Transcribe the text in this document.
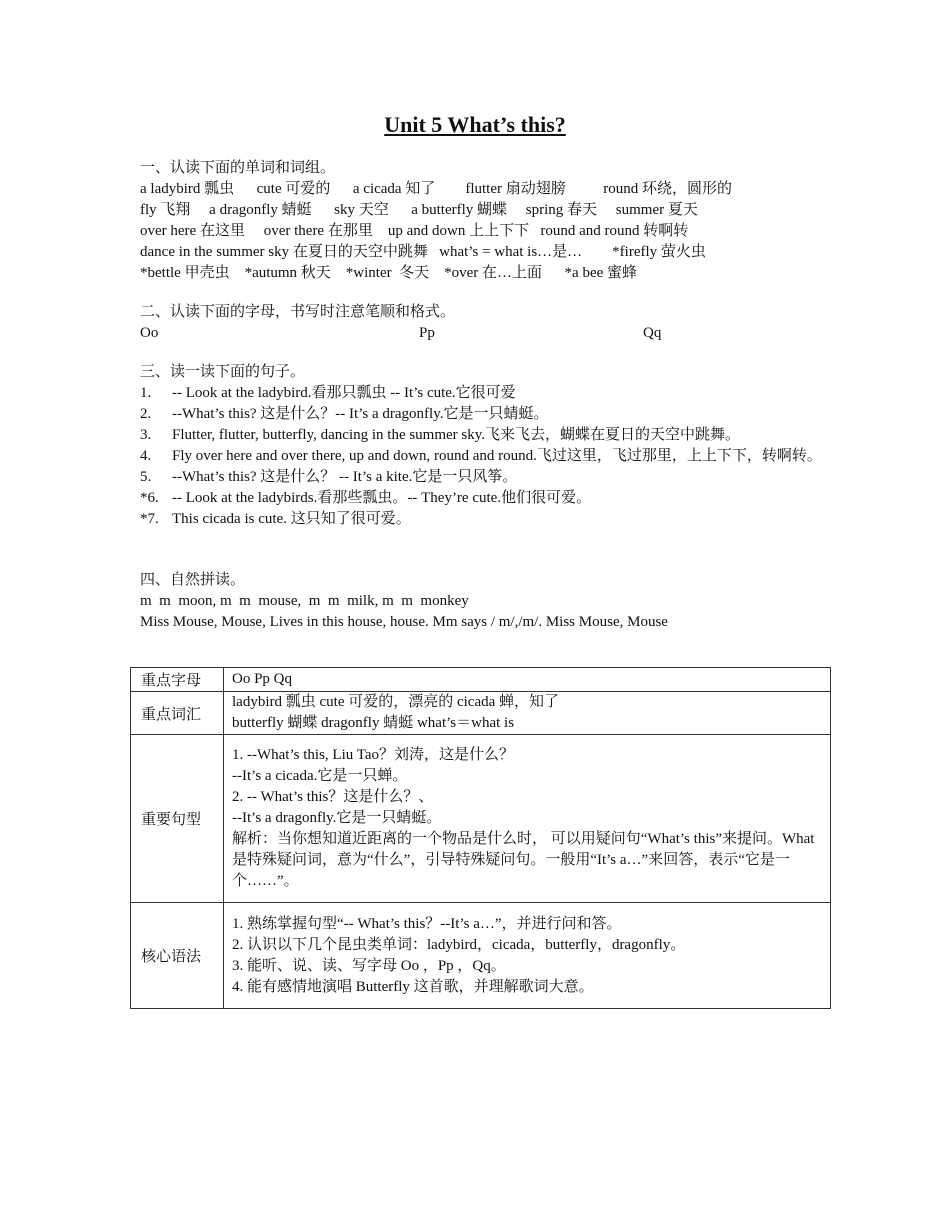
Unit 5 What’s this?
一、认读下面的单词和词组。
a ladybird 瓢虫      cute 可爱的      a cicada 知了        flutter 扇动翅膀          round 环绕，圆形的
fly 飞翔     a dragonfly 蜻蜓      sky 天空      a butterfly 蝴蝶     spring 春天     summer 夏天
over here 在这里     over there 在那里    up and down 上上下下   round and round 转啊转
dance in the summer sky 在夏日的天空中跳舞   what’s = what is…是…        *firefly 萤火虫
*bettle 甲壳虫    *autumn 秋天    *winter  冬天    *over 在…上面      *a bee 蜜蜂
二、认读下面的字母，书写时注意笔顺和格式。
Oo	Pp	Qq
三、读一读下面的句子。
1. -- Look at the ladybird.看那只瓢虫 -- It’s cute.它很可爱
2. --What’s this? 这是什么？-- It’s a dragonfly.它是一只蜻蜓。
3. Flutter, flutter, butterfly, dancing in the summer sky.飞来飞去，蝴蝶在夏日的天空中跳舞。
4. Fly over here and over there, up and down, round and round.飞过这里，飞过那里，上上下下，转啊转。
5. --What’s this? 这是什么？ -- It’s a kite.它是一只风筝。
*6. -- Look at the ladybirds.看那些瓢虫。-- They’re cute.他们很可爱。
*7. This cicada is cute. 这只知了很可爱。
四、自然拼读。
m  m  moon, m  m  mouse,  m  m  milk, m  m  monkey
Miss Mouse, Mouse, Lives in this house, house. Mm says / m/,/m/. Miss Mouse, Mouse
重点字母	Oo Pp Qq

重点词汇	ladybird 瓢虫 cute 可爱的，漂亮的 cicada 蝉，知了
butterfly 蝴蝶 dragonfly 蜻蜓 what’s＝what is

重要句型	1. --What’s this, Liu Tao？刘涛，这是什么？
--It’s a cicada.它是一只蝉。
2. -- What’s this？这是什么？、
--It’s a dragonfly.它是一只蜻蜓。
解析：当你想知道近距离的一个物品是什么时， 可以用疑问句“What’s this”来提问。What 是特殊疑问词，意为“什么”，引导特殊疑问句。一般用“It’s a…”来回答，表示“它是一个……”。

核心语法	1. 熟练掌握句型“-- What’s this？--It’s a…”，并进行问和答。
2. 认识以下几个昆虫类单词：ladybird，cicada，butterfly，dragonfly。
3. 能听、说、读、写字母 Oo ，Pp ，Qq。
4. 能有感情地演唱 Butterfly 这首歌，并理解歌词大意。
